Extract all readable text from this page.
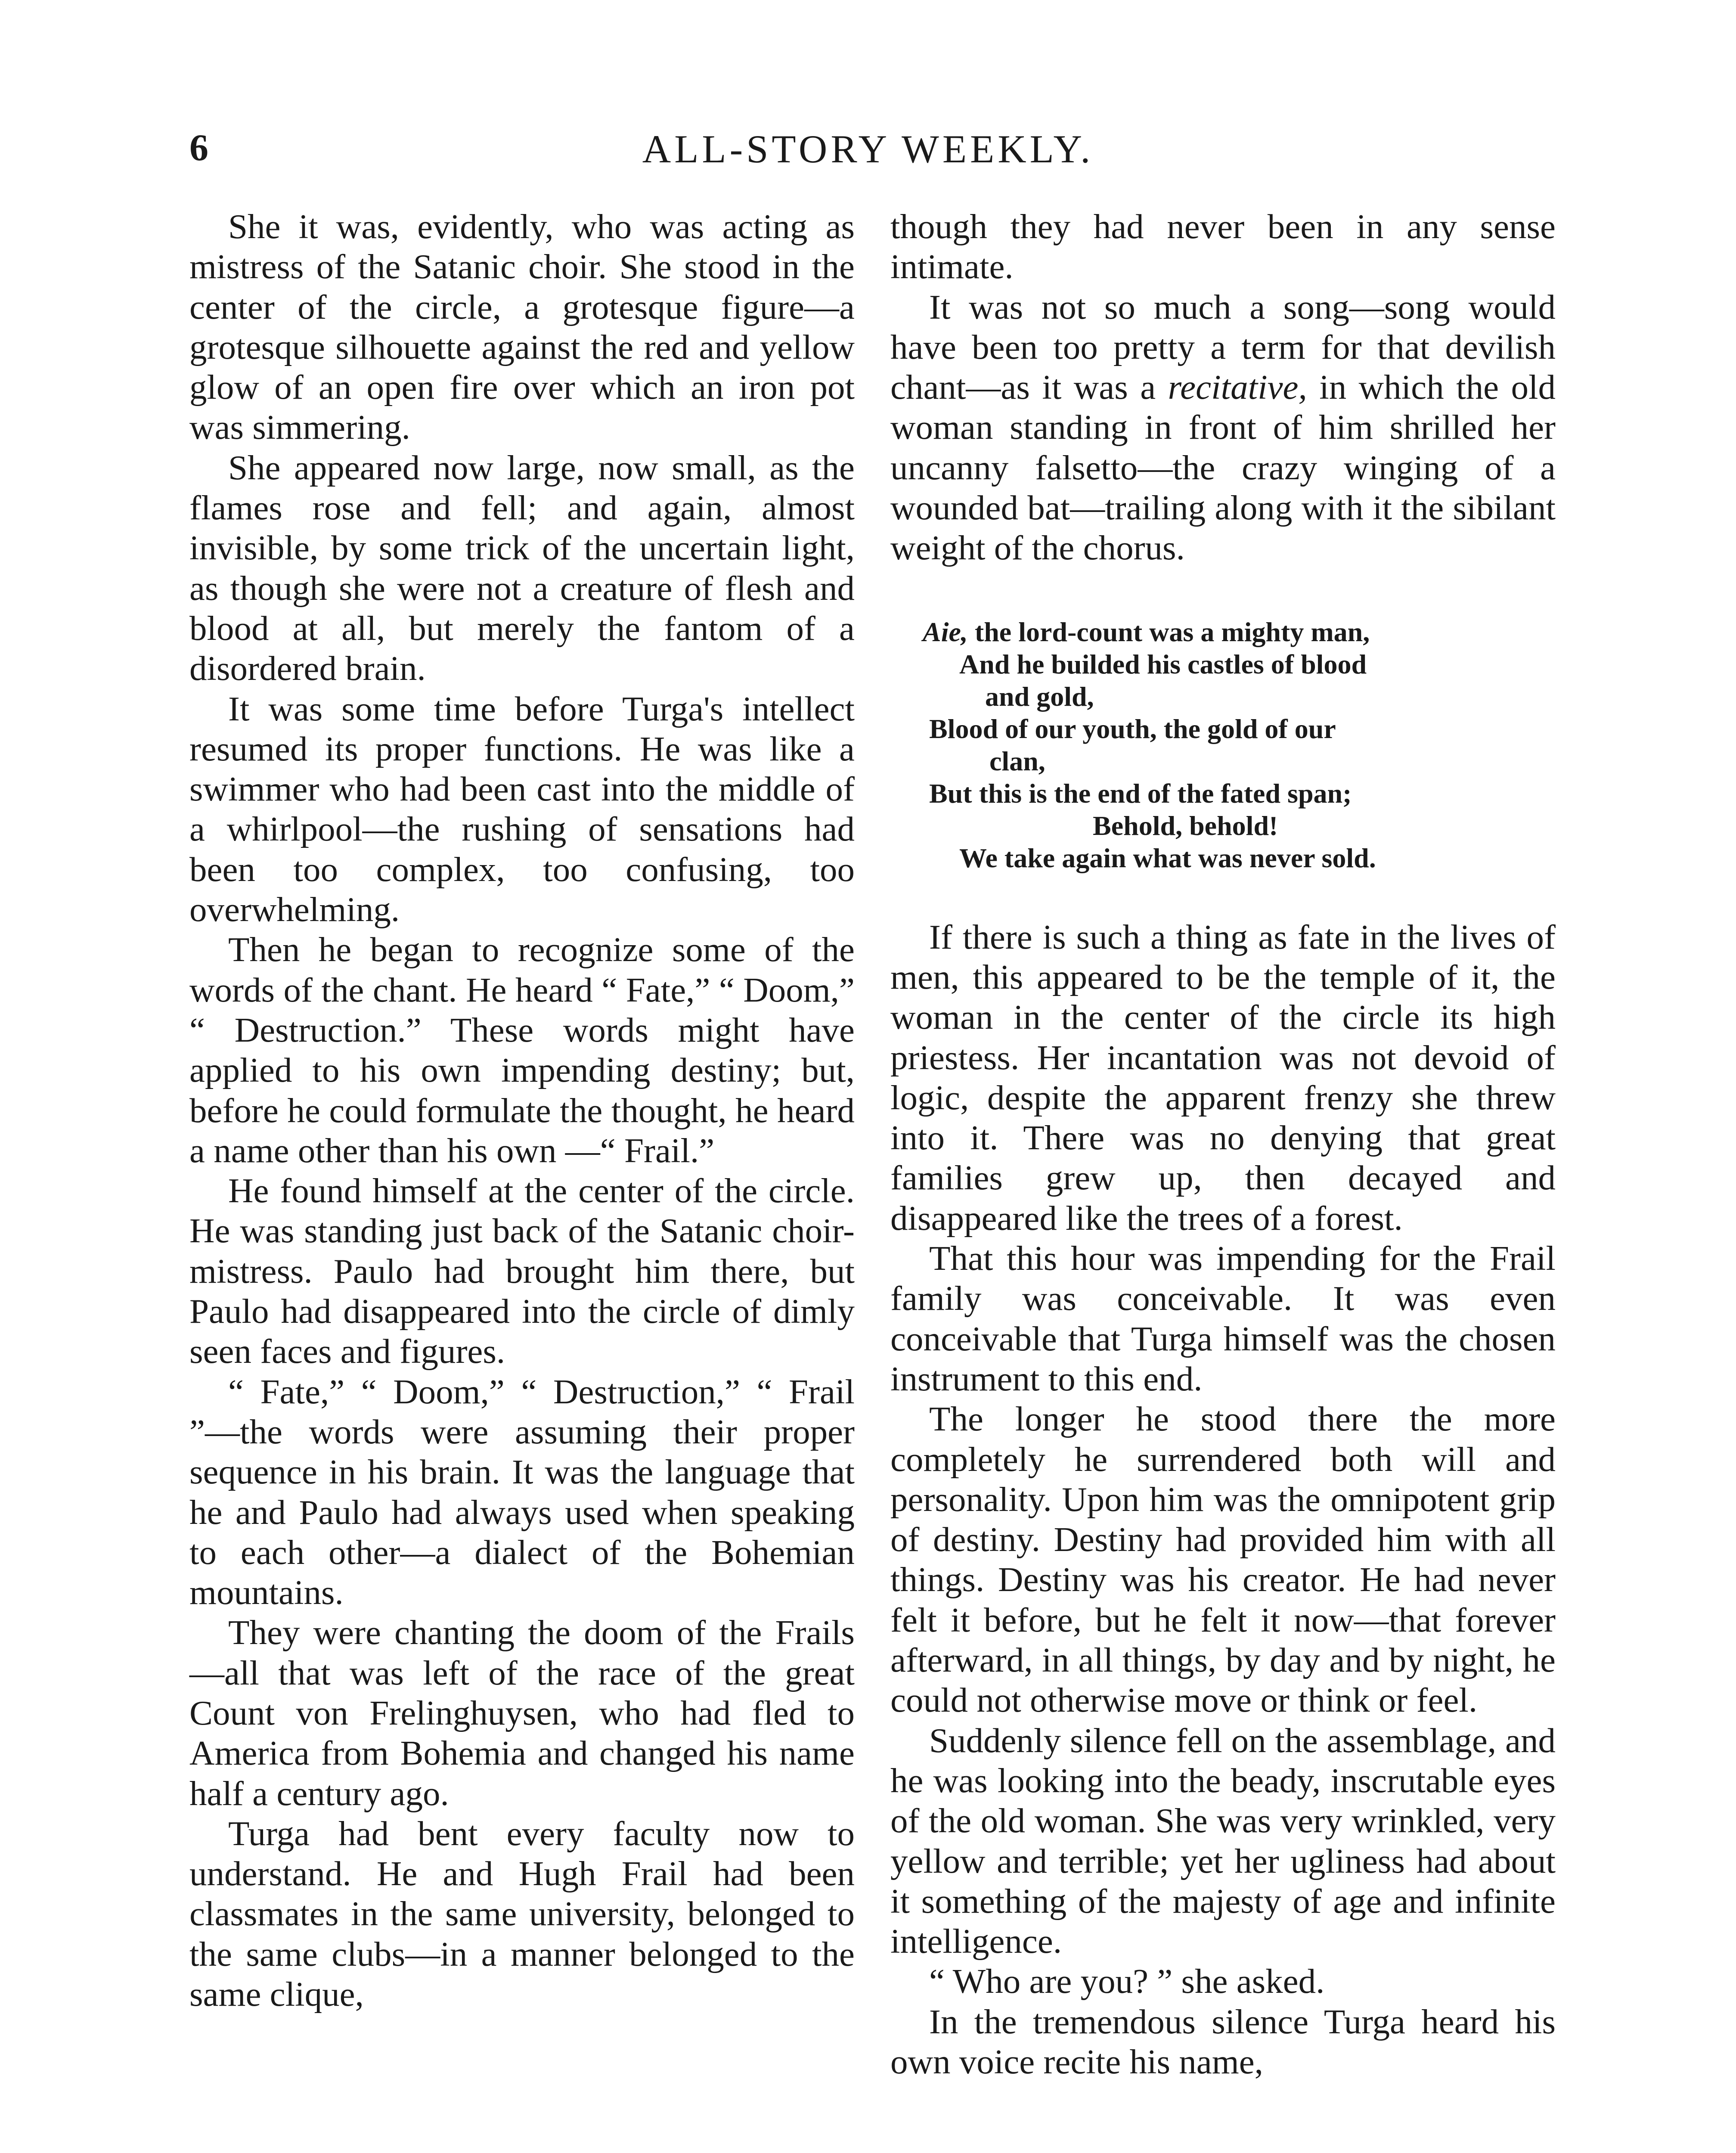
6	ALL-STORY WEEKLY.

She it was, evidently, who was acting as mistress of the Satanic choir. She stood in the center of the circle, a grotesque figure—a grotesque silhouette against the red and yellow glow of an open fire over which an iron pot was simmering.

She appeared now large, now small, as the flames rose and fell; and again, almost invisible, by some trick of the uncertain light, as though she were not a creature of flesh and blood at all, but merely the fantom of a disordered brain.

It was some time before Turga's intellect resumed its proper functions. He was like a swimmer who had been cast into the middle of a whirlpool—the rushing of sensations had been too complex, too confusing, too overwhelming.

Then he began to recognize some of the words of the chant. He heard “ Fate,” “ Doom,” “ Destruction.” These words might have applied to his own impending destiny; but, before he could formulate the thought, he heard a name other than his own —“ Frail.”

He found himself at the center of the circle. He was standing just back of the Satanic choir-mistress. Paulo had brought him there, but Paulo had disappeared into the circle of dimly seen faces and figures.

“ Fate,” “ Doom,” “ Destruction,” “ Frail ”—the words were assuming their proper sequence in his brain. It was the language that he and Paulo had always used when speaking to each other—a dialect of the Bohemian mountains.

They were chanting the doom of the Frails—all that was left of the race of the great Count von Frelinghuysen, who had fled to America from Bohemia and changed his name half a century ago.

Turga had bent every faculty now to understand. He and Hugh Frail had been classmates in the same university, belonged to the same clubs—in a manner belonged to the same clique,

though they had never been in any sense intimate.

It was not so much a song—song would have been too pretty a term for that devilish chant—as it was a recitative, in which the old woman standing in front of him shrilled her uncanny falsetto—the crazy winging of a wounded bat—trailing along with it the sibilant weight of the chorus.

Aie, the lord-count was a mighty man,
And he builded his castles of blood
and gold,
Blood of our youth, the gold of our
clan,
But this is the end of the fated span;
Behold, behold!
We take again what was never sold.

If there is such a thing as fate in the lives of men, this appeared to be the temple of it, the woman in the center of the circle its high priestess. Her incantation was not devoid of logic, despite the apparent frenzy she threw into it. There was no denying that great families grew up, then decayed and disappeared like the trees of a forest.

That this hour was impending for the Frail family was conceivable. It was even conceivable that Turga himself was the chosen instrument to this end.

The longer he stood there the more completely he surrendered both will and personality. Upon him was the omnipotent grip of destiny. Destiny had provided him with all things. Destiny was his creator. He had never felt it before, but he felt it now—that forever afterward, in all things, by day and by night, he could not otherwise move or think or feel.

Suddenly silence fell on the assemblage, and he was looking into the beady, inscrutable eyes of the old woman. She was very wrinkled, very yellow and terrible; yet her ugliness had about it something of the majesty of age and infinite intelligence.

“ Who are you? ” she asked.

In the tremendous silence Turga heard his own voice recite his name,
